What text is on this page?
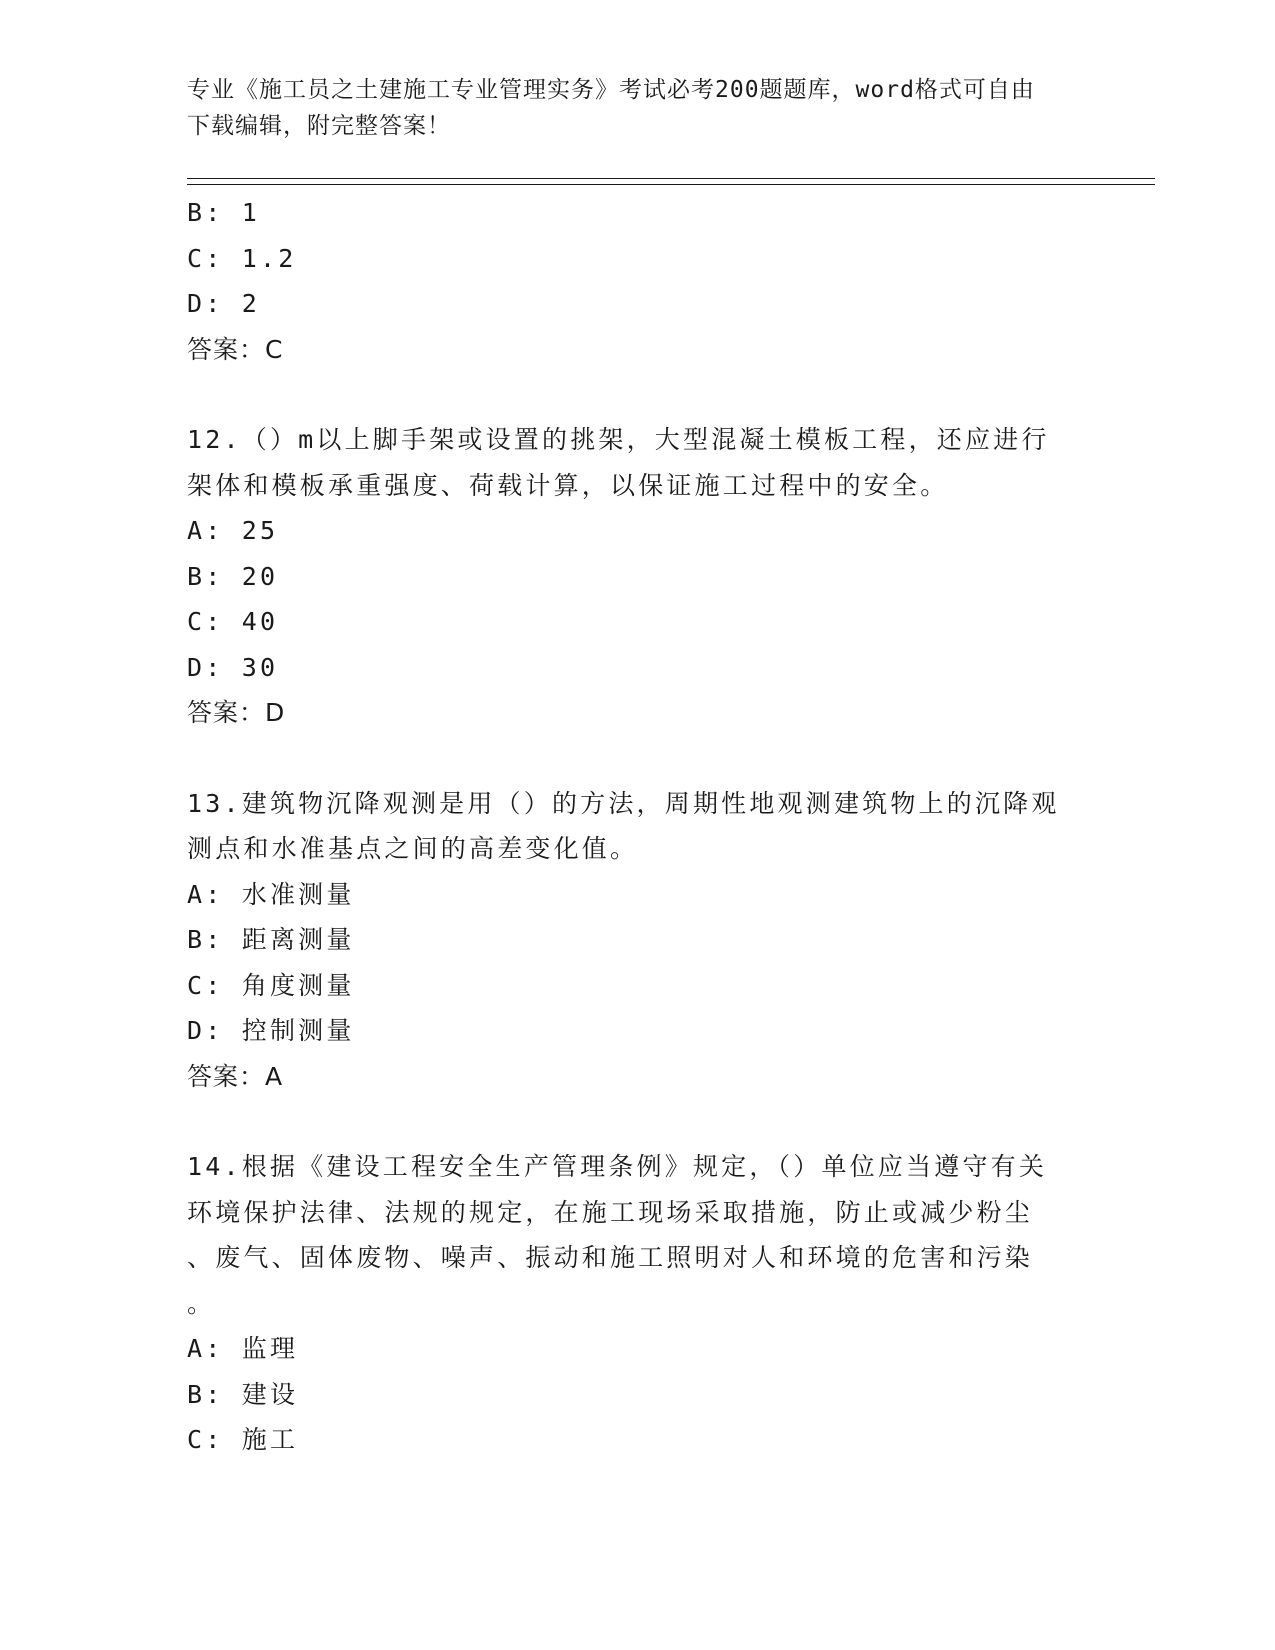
专业《施工员之土建施工专业管理实务》考试必考200题题库，word格式可自由
下载编辑，附完整答案！
B: 1
C: 1.2
D: 2
答案：C
12.（）m以上脚手架或设置的挑架，大型混凝土模板工程，还应进行
架体和模板承重强度、荷载计算，以保证施工过程中的安全。
A: 25
B: 20
C: 40
D: 30
答案：D
13.建筑物沉降观测是用（）的方法，周期性地观测建筑物上的沉降观
测点和水准基点之间的高差变化值。
A: 水准测量
B: 距离测量
C: 角度测量
D: 控制测量
答案：A
14.根据《建设工程安全生产管理条例》规定，（）单位应当遵守有关
环境保护法律、法规的规定，在施工现场采取措施，防止或减少粉尘
、废气、固体废物、噪声、振动和施工照明对人和环境的危害和污染
。
A: 监理
B: 建设
C: 施工
